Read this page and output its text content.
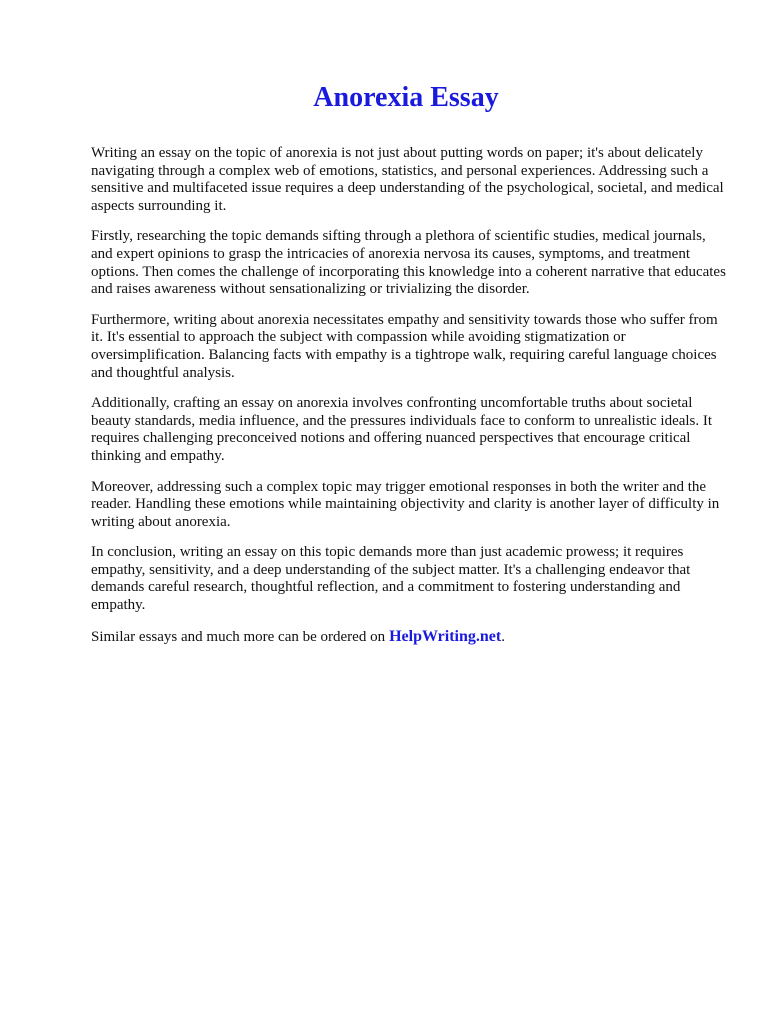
Anorexia Essay

Writing an essay on the topic of anorexia is not just about putting words on paper; it's about delicately navigating through a complex web of emotions, statistics, and personal experiences. Addressing such a sensitive and multifaceted issue requires a deep understanding of the psychological, societal, and medical aspects surrounding it.

Firstly, researching the topic demands sifting through a plethora of scientific studies, medical journals, and expert opinions to grasp the intricacies of anorexia nervosa its causes, symptoms, and treatment options. Then comes the challenge of incorporating this knowledge into a coherent narrative that educates and raises awareness without sensationalizing or trivializing the disorder.

Furthermore, writing about anorexia necessitates empathy and sensitivity towards those who suffer from it. It's essential to approach the subject with compassion while avoiding stigmatization or oversimplification. Balancing facts with empathy is a tightrope walk, requiring careful language choices and thoughtful analysis.

Additionally, crafting an essay on anorexia involves confronting uncomfortable truths about societal beauty standards, media influence, and the pressures individuals face to conform to unrealistic ideals. It requires challenging preconceived notions and offering nuanced perspectives that encourage critical thinking and empathy.

Moreover, addressing such a complex topic may trigger emotional responses in both the writer and the reader. Handling these emotions while maintaining objectivity and clarity is another layer of difficulty in writing about anorexia.

In conclusion, writing an essay on this topic demands more than just academic prowess; it requires empathy, sensitivity, and a deep understanding of the subject matter. It's a challenging endeavor that demands careful research, thoughtful reflection, and a commitment to fostering understanding and empathy.

Similar essays and much more can be ordered on HelpWriting.net.
